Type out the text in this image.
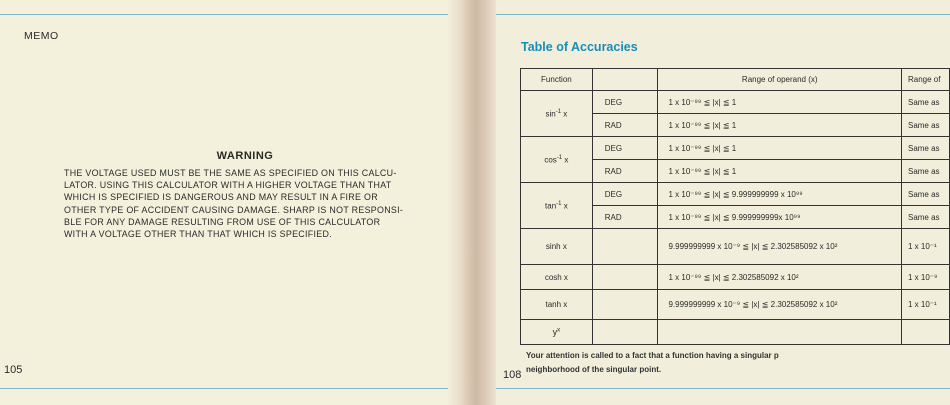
MEMO
WARNING
THE VOLTAGE USED MUST BE THE SAME AS SPECIFIED ON THIS CALCU-
LATOR. USING THIS CALCULATOR WITH A HIGHER VOLTAGE THAN THAT
WHICH IS SPECIFIED IS DANGEROUS AND MAY RESULT IN A FIRE OR
OTHER TYPE OF ACCIDENT CAUSING DAMAGE. SHARP IS NOT RESPONSI-
BLE FOR ANY DAMAGE RESULTING FROM USE OF THIS CALCULATOR
WITH A VOLTAGE OTHER THAN THAT WHICH IS SPECIFIED.
105
Table of Accuracies
Function		Range of operand (x)	Range of
$\sin^{-1} x$	DEG	1 x 10⁻⁹⁹ ≦ |x| ≦ 1	Same as
	RAD	1 x 10⁻⁹⁹ ≦ |x| ≦ 1	Same as
$\cos^{-1} x$	DEG	1 x 10⁻⁹⁹ ≦ |x| ≦ 1	Same as
	RAD	1 x 10⁻⁹⁹ ≦ |x| ≦ 1	Same as
$\tan^{-1} x$	DEG	1 x 10⁻⁹⁹ ≦ |x| ≦ 9.999999999 x 10⁹⁹	Same as
	RAD	1 x 10⁻⁹⁹ ≦ |x| ≦ 9.999999999x 10⁹⁹	Same as
sinh x		9.999999999 x 10⁻⁹ ≦ |x| ≦ 2.302585092 x 10²	1 x 10⁻¹
cosh x		1 x 10⁻⁹⁹ ≦ |x| ≦ 2.302585092 x 10²	1 x 10⁻⁹
tanh x		9.999999999 x 10⁻⁹ ≦ |x| ≦ 2.302585092 x 10²	1 x 10⁻¹
$y^x$			
Your attention is called to a fact that a function having a singular p
neighborhood of the singular point.
108
